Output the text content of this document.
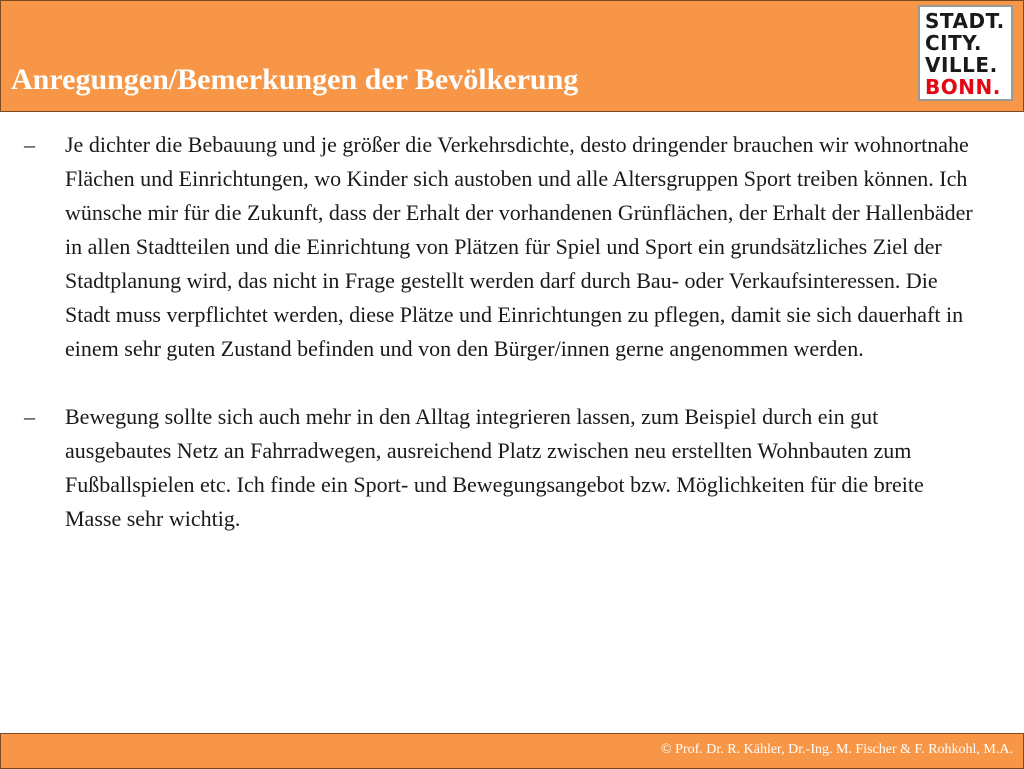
Anregungen/Bemerkungen der Bevölkerung
STADT.
CITY.
VILLE.
BONN.
– Je dichter die Bebauung und je größer die Verkehrsdichte, desto dringender brauchen wir wohnortnahe Flächen und Einrichtungen, wo Kinder sich austoben und alle Altersgruppen Sport treiben können. Ich wünsche mir für die Zukunft, dass der Erhalt der vorhandenen Grünflächen, der Erhalt der Hallenbäder in allen Stadtteilen und die Einrichtung von Plätzen für Spiel und Sport ein grundsätzliches Ziel der Stadtplanung wird, das nicht in Frage gestellt werden darf durch Bau- oder Verkaufsinteressen. Die Stadt muss verpflichtet werden, diese Plätze und Einrichtungen zu pflegen, damit sie sich dauerhaft in einem sehr guten Zustand befinden und von den Bürger/innen gerne angenommen werden.
– Bewegung sollte sich auch mehr in den Alltag integrieren lassen, zum Beispiel durch ein gut ausgebautes Netz an Fahrradwegen, ausreichend Platz zwischen neu erstellten Wohnbauten zum Fußballspielen etc. Ich finde ein Sport- und Bewegungsangebot bzw. Möglichkeiten für die breite Masse sehr wichtig.
© Prof. Dr. R. Kähler, Dr.-Ing. M. Fischer & F. Rohkohl, M.A.
